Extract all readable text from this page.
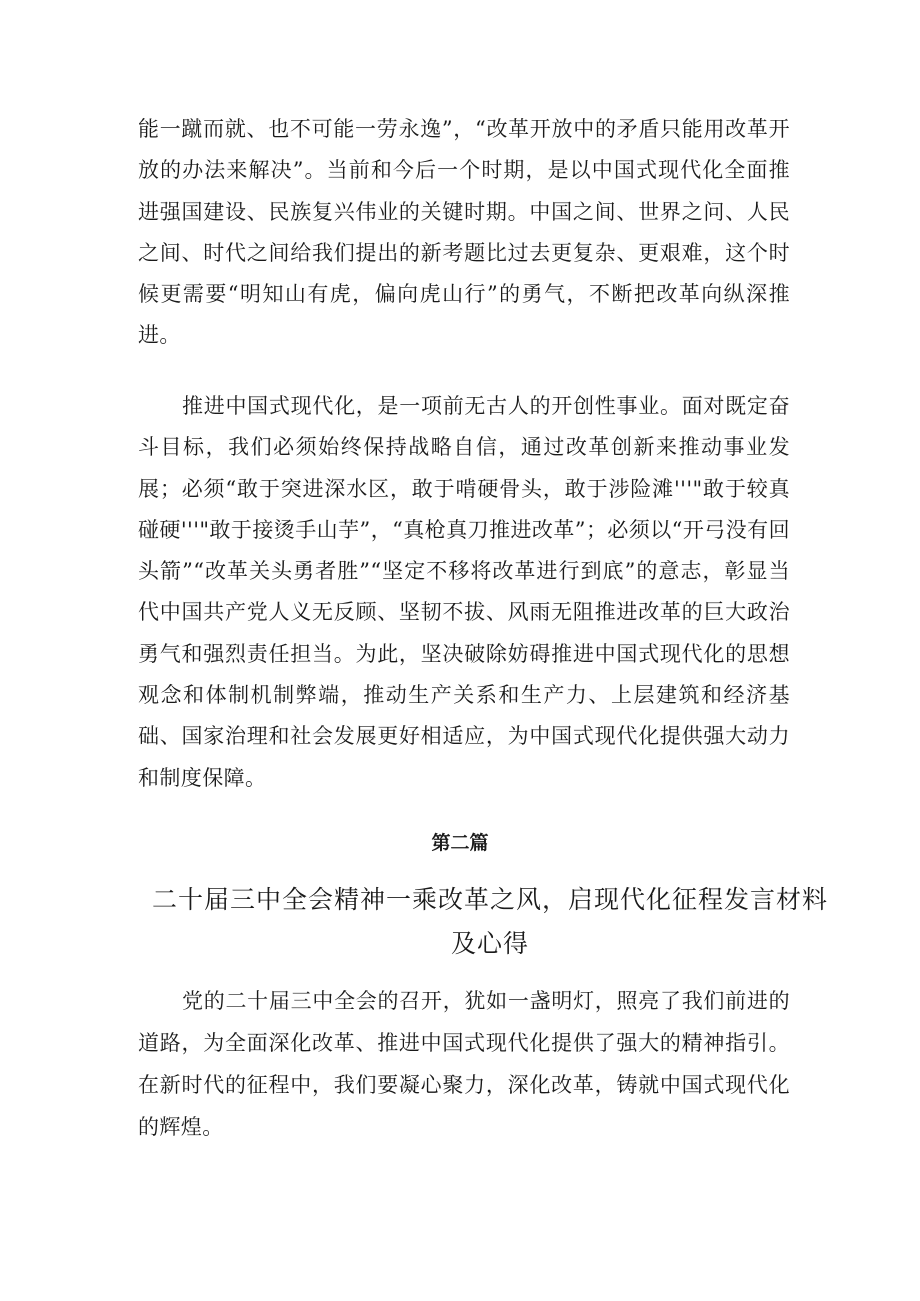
能一蹴而就、也不可能一劳永逸”，“改革开放中的矛盾只能用改革开放的办法来解决”。当前和今后一个时期，是以中国式现代化全面推进强国建设、民族复兴伟业的关键时期。中国之间、世界之问、人民之间、时代之间给我们提出的新考题比过去更复杂、更艰难，这个时候更需要“明知山有虎，偏向虎山行”的勇气，不断把改革向纵深推进。

推进中国式现代化，是一项前无古人的开创性事业。面对既定奋斗目标，我们必须始终保持战略自信，通过改革创新来推动事业发展；必须“敢于突进深水区，敢于啃硬骨头，敢于涉险滩'''"敢于较真碰硬'''"敢于接烫手山芋”，“真枪真刀推进改革”；必须以“开弓没有回头箭”“改革关头勇者胜”“坚定不移将改革进行到底”的意志，彰显当代中国共产党人义无反顾、坚韧不拔、风雨无阻推进改革的巨大政治勇气和强烈责任担当。为此，坚决破除妨碍推进中国式现代化的思想观念和体制机制弊端，推动生产关系和生产力、上层建筑和经济基础、国家治理和社会发展更好相适应，为中国式现代化提供强大动力和制度保障。

第二篇
二十届三中全会精神一乘改革之风，启现代化征程发言材料及心得

党的二十届三中全会的召开，犹如一盏明灯，照亮了我们前进的道路，为全面深化改革、推进中国式现代化提供了强大的精神指引。在新时代的征程中，我们要凝心聚力，深化改革，铸就中国式现代化的辉煌。
